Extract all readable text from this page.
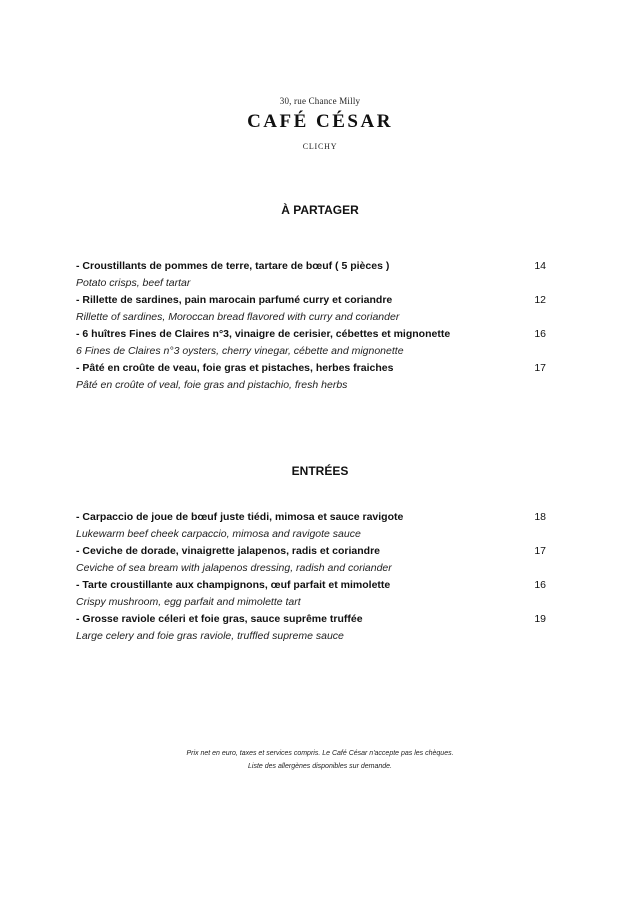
30, rue Chance Milly
CAFÉ CÉSAR
CLICHY
À PARTAGER
- Croustillants de pommes de terre, tartare de bœuf ( 5 pièces )	14
Potato crisps, beef tartar
- Rillette de sardines, pain marocain parfumé curry et coriandre	12
Rillette of sardines, Moroccan bread flavored with curry and coriander
- 6 huîtres Fines de Claires n°3, vinaigre de cerisier, cébettes et mignonette	16
6 Fines de Claires n°3 oysters, cherry vinegar, cébette and mignonette
- Pâté en croûte de veau, foie gras et pistaches, herbes fraiches	17
Pâté en croûte of veal, foie gras and pistachio, fresh herbs
ENTRÉES
- Carpaccio de joue de bœuf juste tiédi, mimosa et sauce ravigote	18
Lukewarm beef cheek carpaccio, mimosa and ravigote sauce
- Ceviche de dorade, vinaigrette jalapenos, radis et coriandre	17
Ceviche of sea bream with jalapenos dressing, radish and coriander
- Tarte croustillante aux champignons, œuf parfait et mimolette	16
Crispy mushroom, egg parfait and mimolette tart
- Grosse raviole céleri et foie gras, sauce suprême truffée	19
Large celery and foie gras raviole, truffled supreme sauce
Prix net en euro, taxes et services compris. Le Café César n'accepte pas les chèques.
Liste des allergènes disponibles sur demande.
